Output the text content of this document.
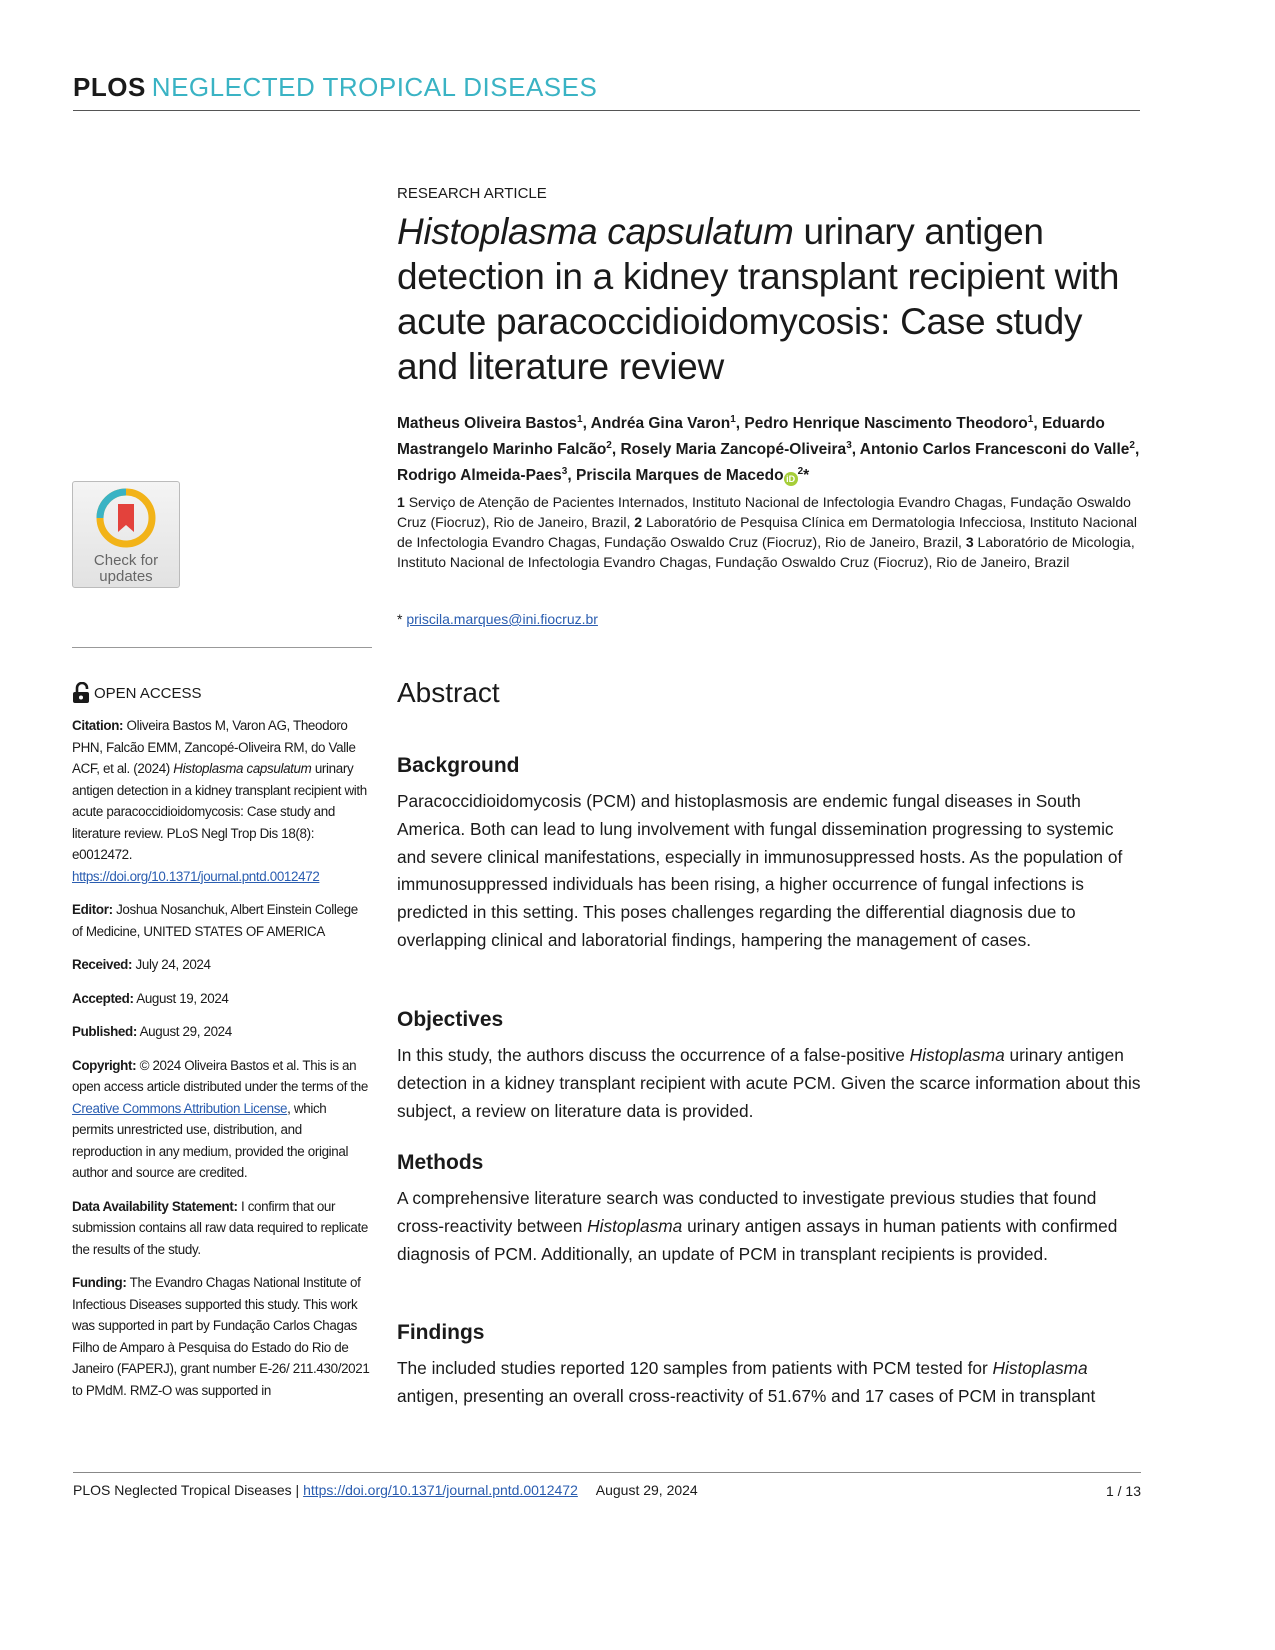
PLOS NEGLECTED TROPICAL DISEASES
Check for
updates
OPEN ACCESS

Citation: Oliveira Bastos M, Varon AG, Theodoro PHN, Falcão EMM, Zancopé-Oliveira RM, do Valle ACF, et al. (2024) Histoplasma capsulatum urinary antigen detection in a kidney transplant recipient with acute paracoccidioidomycosis: Case study and literature review. PLoS Negl Trop Dis 18(8): e0012472. https://doi.org/10.1371/journal.pntd.0012472

Editor: Joshua Nosanchuk, Albert Einstein College of Medicine, UNITED STATES OF AMERICA

Received: July 24, 2024

Accepted: August 19, 2024

Published: August 29, 2024

Copyright: © 2024 Oliveira Bastos et al. This is an open access article distributed under the terms of the Creative Commons Attribution License, which permits unrestricted use, distribution, and reproduction in any medium, provided the original author and source are credited.

Data Availability Statement: I confirm that our submission contains all raw data required to replicate the results of the study.

Funding: The Evandro Chagas National Institute of Infectious Diseases supported this study. This work was supported in part by Fundação Carlos Chagas Filho de Amparo à Pesquisa do Estado do Rio de Janeiro (FAPERJ), grant number E-26/ 211.430/2021 to PMdM. RMZ-O was supported in

RESEARCH ARTICLE
Histoplasma capsulatum urinary antigen detection in a kidney transplant recipient with acute paracoccidioidomycosis: Case study and literature review
Matheus Oliveira Bastos$^1$, Andréa Gina Varon$^1$, Pedro Henrique Nascimento Theodoro$^1$, Eduardo Mastrangelo Marinho Falcão$^2$, Rosely Maria Zancopé-Oliveira$^3$, Antonio Carlos Francesconi do Valle$^2$, Rodrigo Almeida-Paes$^3$, Priscila Marques de Macedo $iD^2*$
1 Serviço de Atenção de Pacientes Internados, Instituto Nacional de Infectologia Evandro Chagas, Fundação Oswaldo Cruz (Fiocruz), Rio de Janeiro, Brazil, 2 Laboratório de Pesquisa Clínica em Dermatologia Infecciosa, Instituto Nacional de Infectologia Evandro Chagas, Fundação Oswaldo Cruz (Fiocruz), Rio de Janeiro, Brazil, 3 Laboratório de Micologia, Instituto Nacional de Infectologia Evandro Chagas, Fundação Oswaldo Cruz (Fiocruz), Rio de Janeiro, Brazil
* priscila.marques@ini.fiocruz.br
Abstract
Background

Paracoccidioidomycosis (PCM) and histoplasmosis are endemic fungal diseases in South America. Both can lead to lung involvement with fungal dissemination progressing to systemic and severe clinical manifestations, especially in immunosuppressed hosts. As the population of immunosuppressed individuals has been rising, a higher occurrence of fungal infections is predicted in this setting. This poses challenges regarding the differential diagnosis due to overlapping clinical and laboratorial findings, hampering the management of cases.

Objectives

In this study, the authors discuss the occurrence of a false-positive Histoplasma urinary antigen detection in a kidney transplant recipient with acute PCM. Given the scarce information about this subject, a review on literature data is provided.

Methods

A comprehensive literature search was conducted to investigate previous studies that found cross-reactivity between Histoplasma urinary antigen assays in human patients with confirmed diagnosis of PCM. Additionally, an update of PCM in transplant recipients is provided.

Findings

The included studies reported 120 samples from patients with PCM tested for Histoplasma antigen, presenting an overall cross-reactivity of 51.67% and 17 cases of PCM in transplant

PLOS Neglected Tropical Diseases | https://doi.org/10.1371/journal.pntd.0012472 August 29, 2024	1 / 13
